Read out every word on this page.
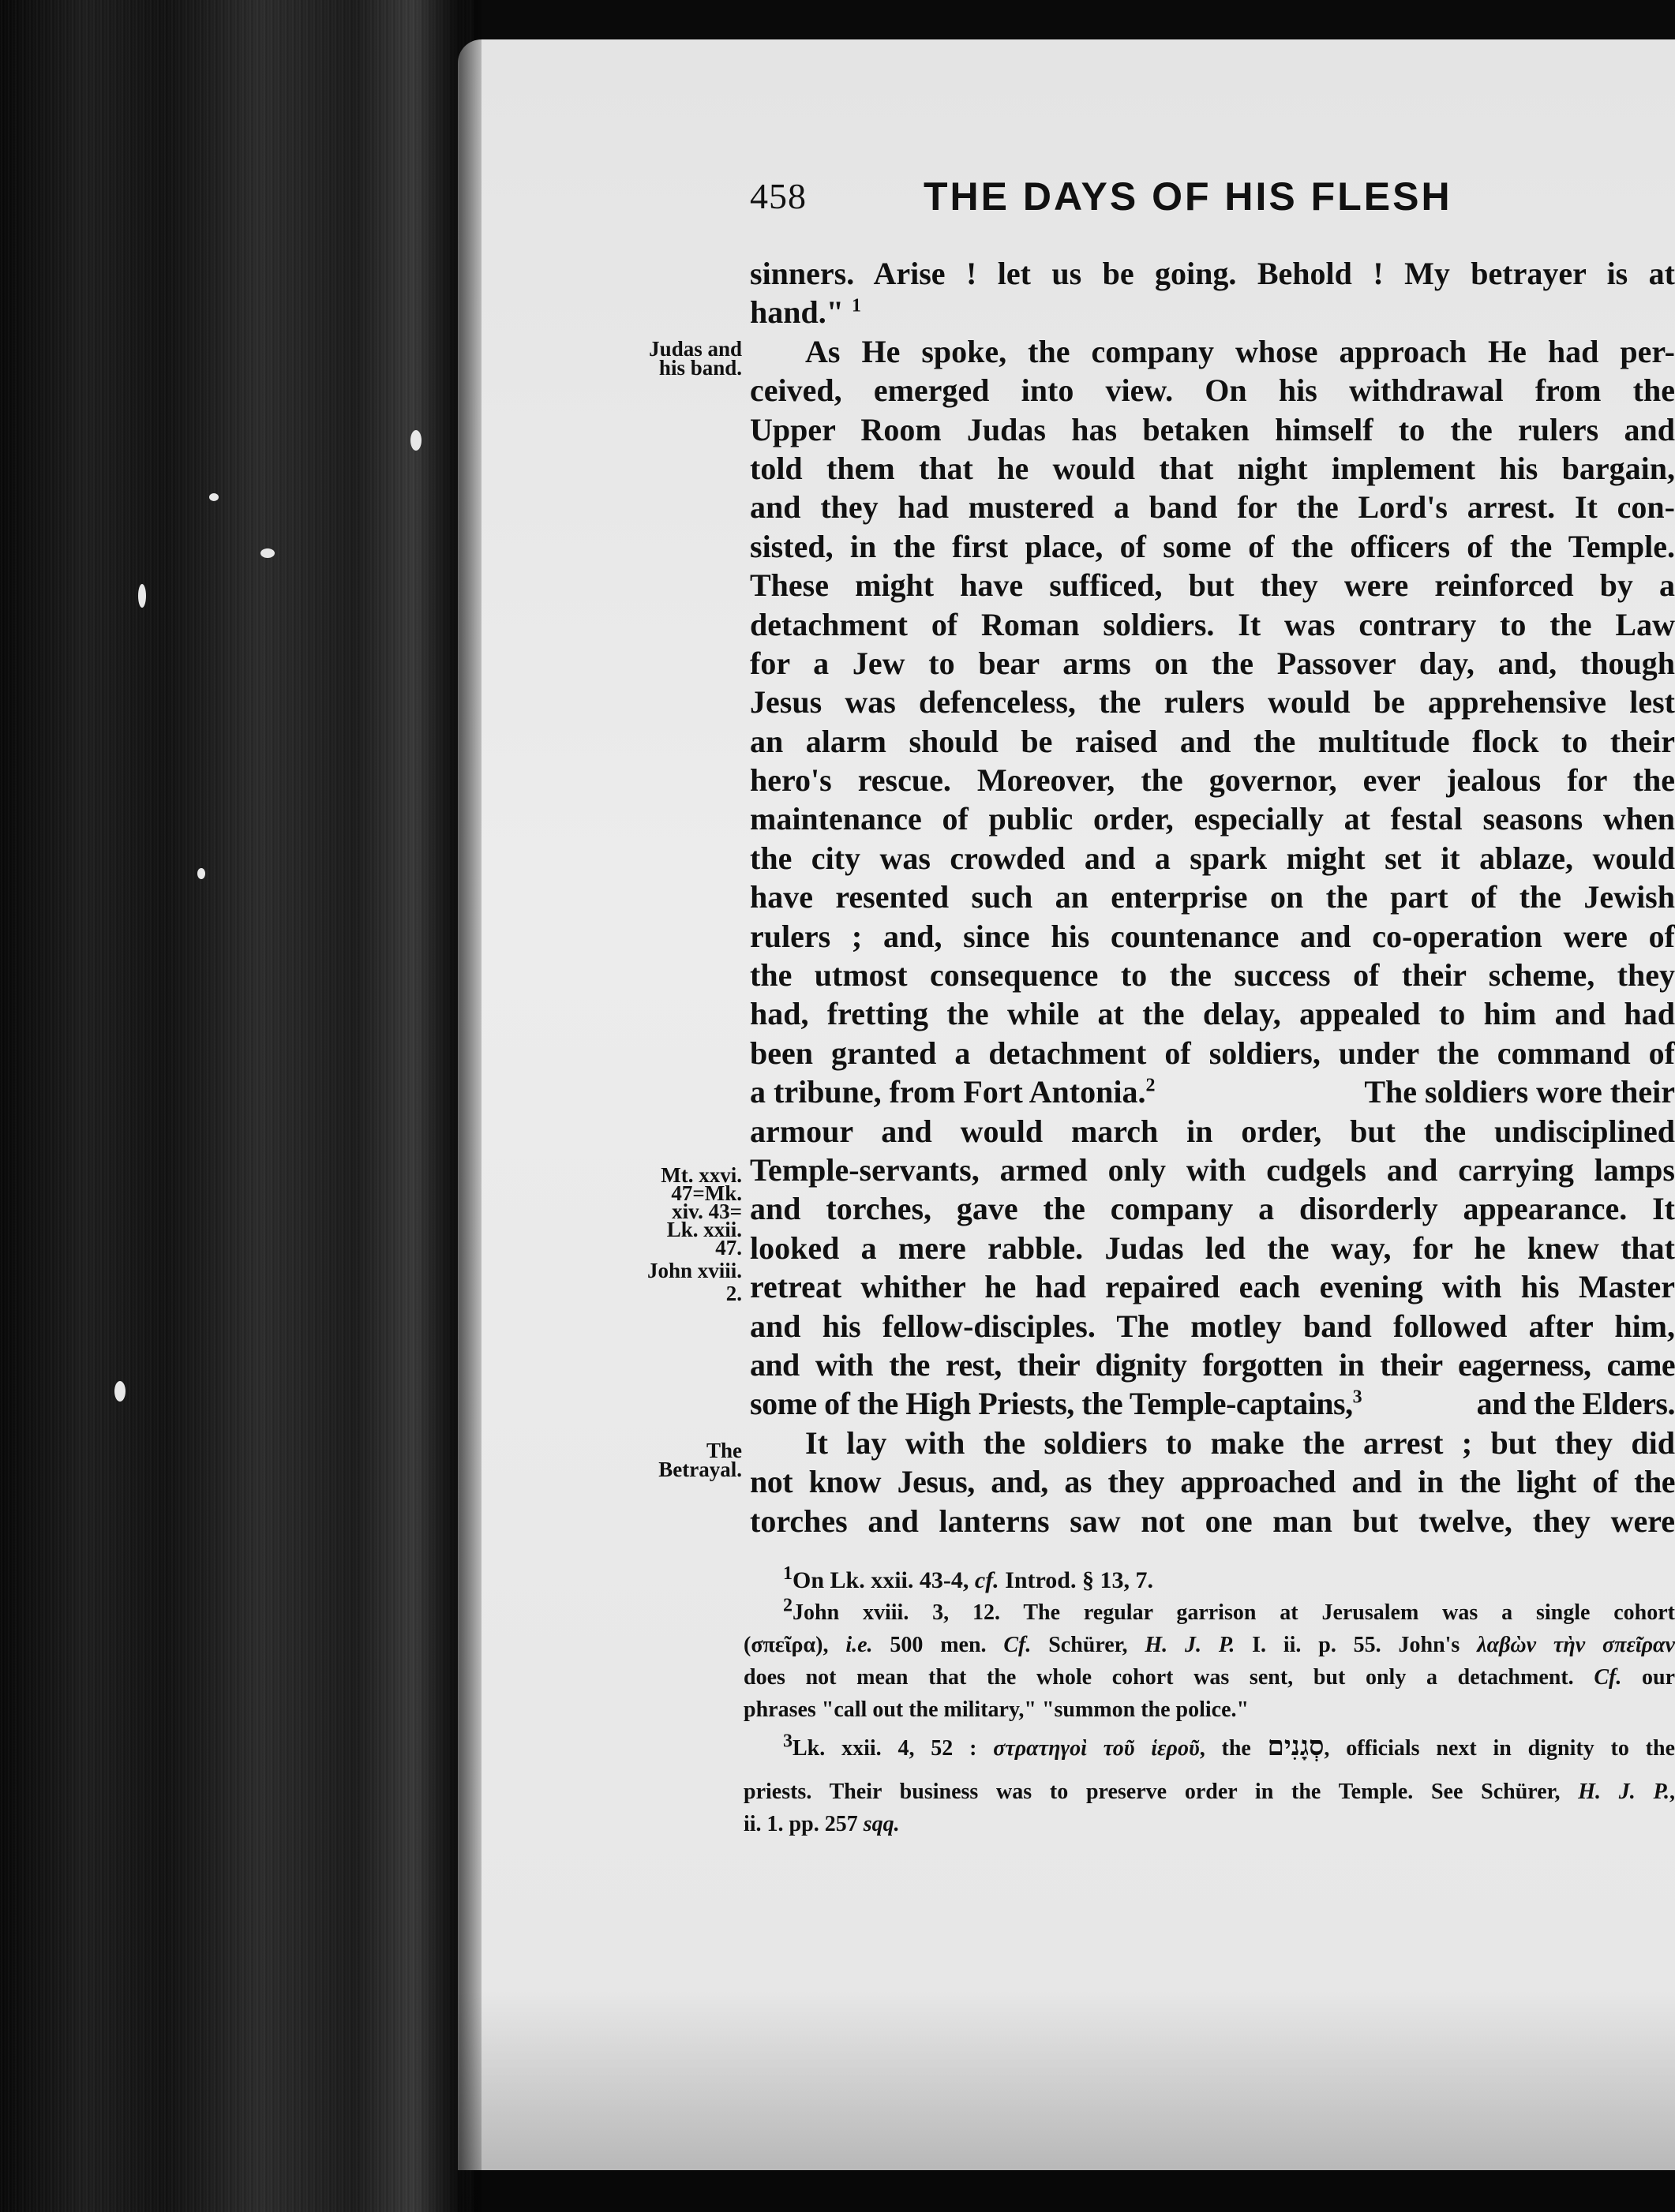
458	THE DAYS OF HIS FLESH
Judas and
his band.
Mt. xxvi.
47=Mk.
xiv. 43=
Lk. xxii.
47.
John xviii.
2.
The
Betrayal.
sinners. Arise ! let us be going. Behold ! My betrayer is at
hand." $^1$
As He spoke, the company whose approach He had per-
ceived, emerged into view. On his withdrawal from the
Upper Room Judas has betaken himself to the rulers and
told them that he would that night implement his bargain,
and they had mustered a band for the Lord's arrest. It con-
sisted, in the first place, of some of the officers of the Temple.
These might have sufficed, but they were reinforced by a
detachment of Roman soldiers. It was contrary to the Law
for a Jew to bear arms on the Passover day, and, though
Jesus was defenceless, the rulers would be apprehensive lest
an alarm should be raised and the multitude flock to their
hero's rescue. Moreover, the governor, ever jealous for the
maintenance of public order, especially at festal seasons when
the city was crowded and a spark might set it ablaze, would
have resented such an enterprise on the part of the Jewish
rulers ; and, since his countenance and co-operation were of
the utmost consequence to the success of their scheme, they
had, fretting the while at the delay, appealed to him and had
been granted a detachment of soldiers, under the command of
a tribune, from Fort Antonia.$^2$	The soldiers wore their
armour and would march in order, but the undisciplined
Temple-servants, armed only with cudgels and carrying lamps
and torches, gave the company a disorderly appearance. It
looked a mere rabble. Judas led the way, for he knew that
retreat whither he had repaired each evening with his Master
and his fellow-disciples. The motley band followed after him,
and with the rest, their dignity forgotten in their eagerness, came
some of the High Priests, the Temple-captains,$^3$	and the Elders.
It lay with the soldiers to make the arrest ; but they did
not know Jesus, and, as they approached and in the light of the
torches and lanterns saw not one man but twelve, they were
$^1$On Lk. xxii. 43-4, cf. Introd. § 13, 7.
2John xviii. 3, 12. The regular garrison at Jerusalem was a single cohort
(σπεῖρα), i.e. 500 men. Cf. Schürer, H. J. P. I. ii. p. 55. John's λαβὼν τὴν σπεῖραν
does not mean that the whole cohort was sent, but only a detachment. Cf. our
phrases "call out the military," "summon the police."
3Lk. xxii. 4, 52 : στρατηγοὶ τοῦ ἱεροῦ, the סְגָנִים, officials next in dignity to the
priests. Their business was to preserve order in the Temple. See Schürer, H. J. P.,
ii. 1. pp. 257 sqq.
